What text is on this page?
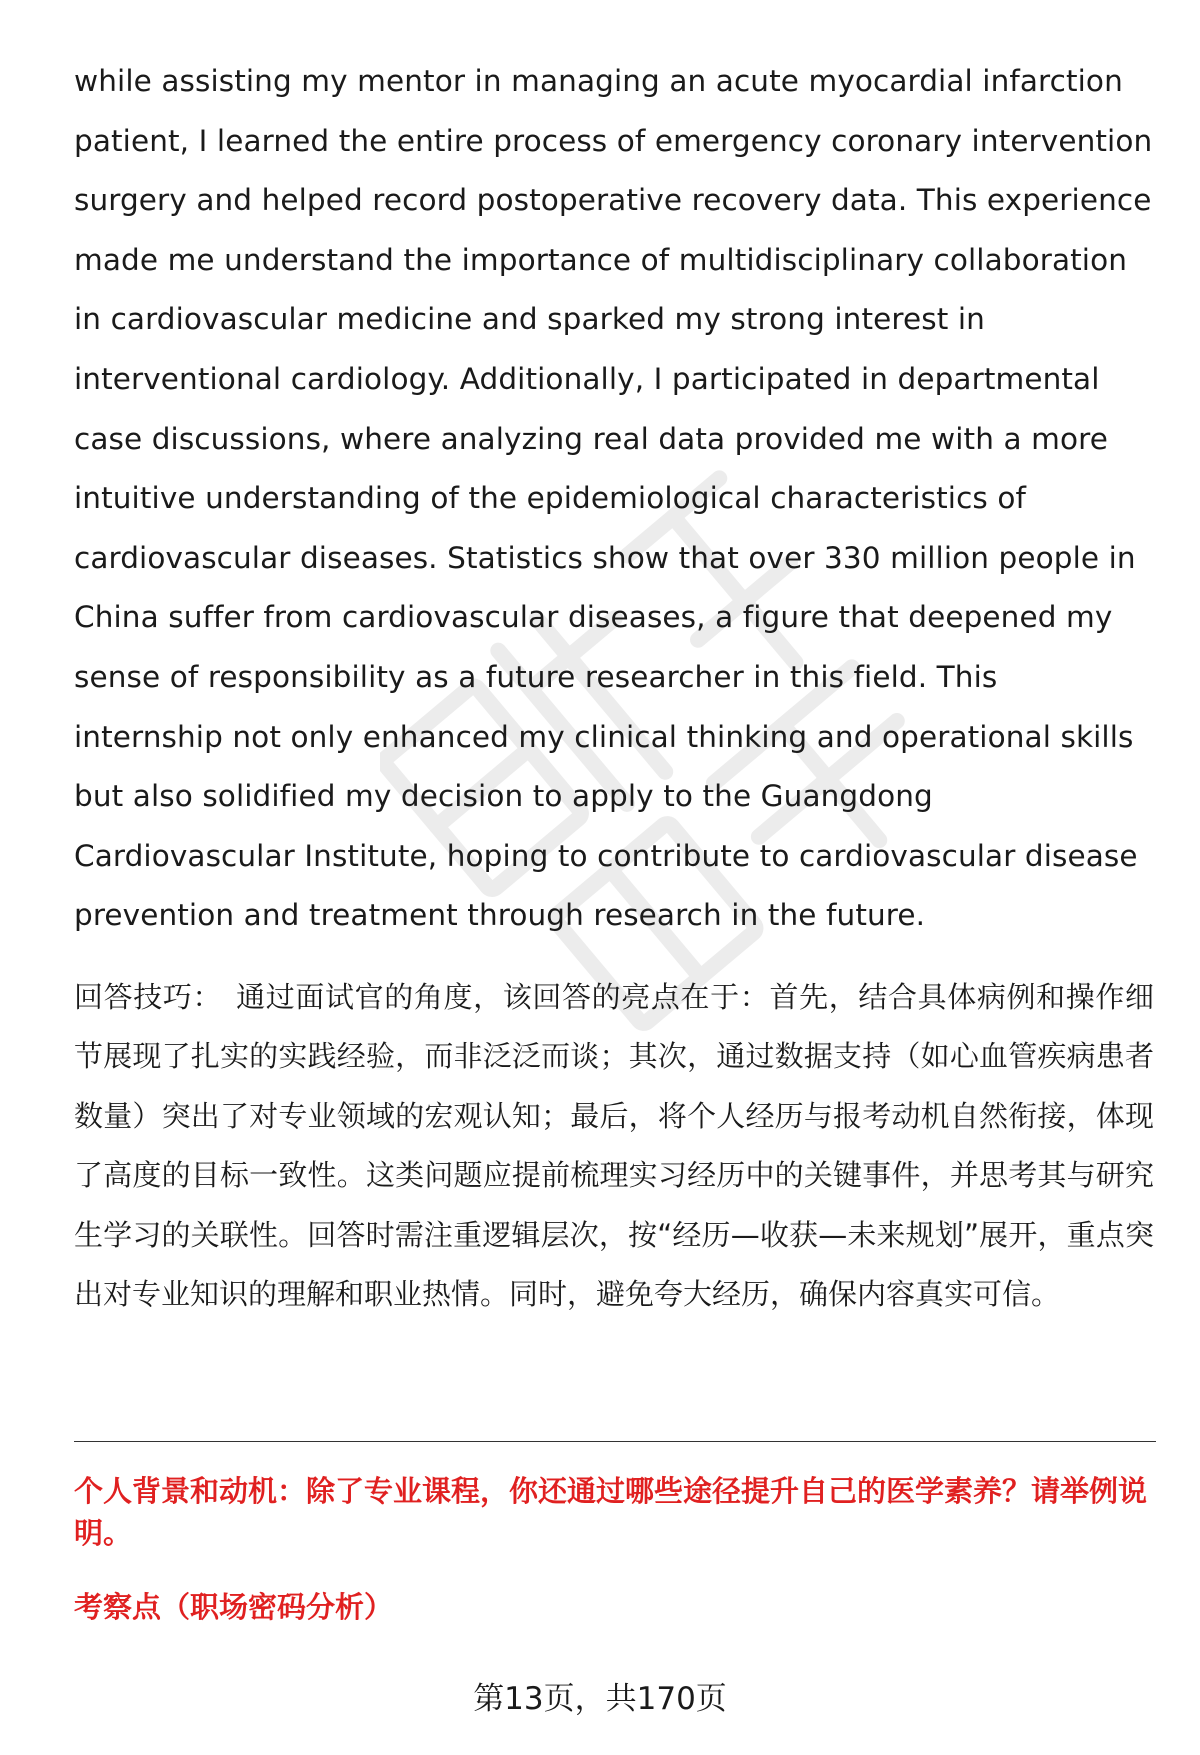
while assisting my mentor in managing an acute myocardial infarction patient, I learned the entire process of emergency coronary intervention surgery and helped record postoperative recovery data. This experience made me understand the importance of multidisciplinary collaboration in cardiovascular medicine and sparked my strong interest in interventional cardiology. Additionally, I participated in departmental case discussions, where analyzing real data provided me with a more intuitive understanding of the epidemiological characteristics of cardiovascular diseases. Statistics show that over 330 million people in China suffer from cardiovascular diseases, a figure that deepened my sense of responsibility as a future researcher in this field. This internship not only enhanced my clinical thinking and operational skills but also solidified my decision to apply to the Guangdong Cardiovascular Institute, hoping to contribute to cardiovascular disease prevention and treatment through research in the future.

回答技巧： 通过面试官的角度，该回答的亮点在于：首先，结合具体病例和操作细节展现了扎实的实践经验，而非泛泛而谈；其次，通过数据支持（如心血管疾病患者数量）突出了对专业领域的宏观认知；最后，将个人经历与报考动机自然衔接，体现了高度的目标一致性。这类问题应提前梳理实习经历中的关键事件，并思考其与研究生学习的关联性。回答时需注重逻辑层次，按“经历—收获—未来规划”展开，重点突出对专业知识的理解和职业热情。同时，避免夸大经历，确保内容真实可信。

个人背景和动机：除了专业课程，你还通过哪些途径提升自己的医学素养？请举例说明。

考察点（职场密码分析）

第13页，共170页
